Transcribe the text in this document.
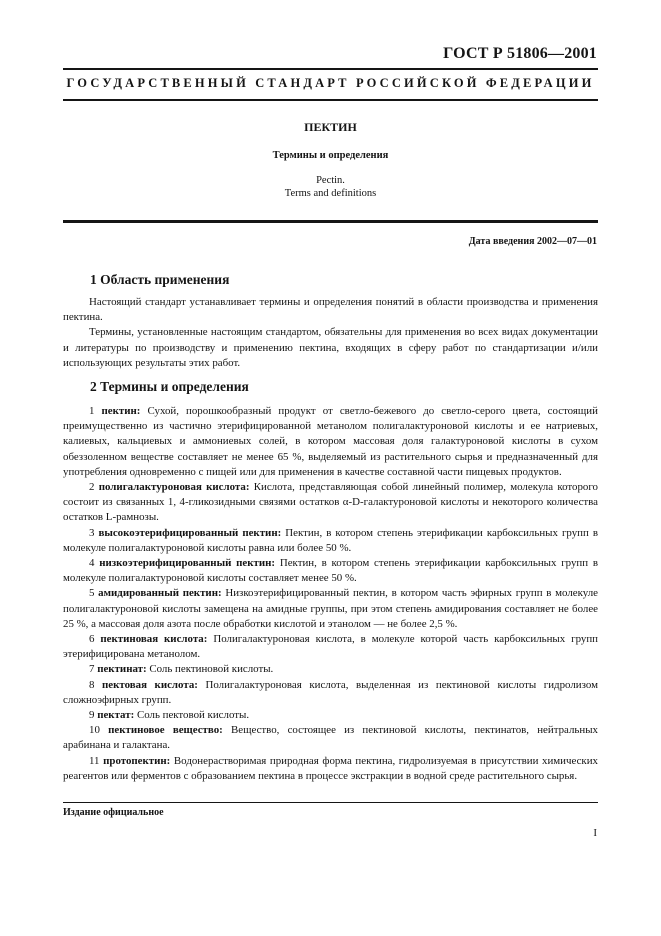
ГОСТ Р 51806—2001
ГОСУДАРСТВЕННЫЙ СТАНДАРТ РОССИЙСКОЙ ФЕДЕРАЦИИ
ПЕКТИН
Термины и определения
Pectin.
Terms and definitions
Дата введения 2002—07—01
1 Область применения

Настоящий стандарт устанавливает термины и определения понятий в области производства и применения пектина.

Термины, установленные настоящим стандартом, обязательны для применения во всех видах документации и литературы по производству и применению пектина, входящих в сферу работ по стандартизации и/или использующих результаты этих работ.

2 Термины и определения

1 пектин: Сухой, порошкообразный продукт от светло-бежевого до светло-серого цвета, состоящий преимущественно из частично этерифицированной метанолом полигалактуроновой кислоты и ее натриевых, калиевых, кальциевых и аммониевых солей, в котором массовая доля галактуроновой кислоты в сухом обеззоленном веществе составляет не менее 65 %, выделяемый из растительного сырья и предназначенный для употребления одновременно с пищей или для применения в качестве составной части пищевых продуктов.

2 полигалактуроновая кислота: Кислота, представляющая собой линейный полимер, молекула которого состоит из связанных 1, 4-гликозидными связями остатков α-D-галактуроновой кислоты и некоторого количества остатков L-рамнозы.

3 высокоэтерифицированный пектин: Пектин, в котором степень этерификации карбоксильных групп в молекуле полигалактуроновой кислоты равна или более 50 %.

4 низкоэтерифицированный пектин: Пектин, в котором степень этерификации карбоксильных групп в молекуле полигалактуроновой кислоты составляет менее 50 %.

5 амидированный пектин: Низкоэтерифицированный пектин, в котором часть эфирных групп в молекуле полигалактуроновой кислоты замещена на амидные группы, при этом степень амидирования составляет не более 25 %, а массовая доля азота после обработки кислотой и этанолом — не более 2,5 %.

6 пектиновая кислота: Полигалактуроновая кислота, в молекуле которой часть карбоксильных групп этерифицирована метанолом.

7 пектинат: Соль пектиновой кислоты.

8 пектовая кислота: Полигалактуроновая кислота, выделенная из пектиновой кислоты гидролизом сложноэфирных групп.

9 пектат: Соль пектовой кислоты.

10 пектиновое вещество: Вещество, состоящее из пектиновой кислоты, пектинатов, нейтральных арабинана и галактана.

11 протопектин: Водонерастворимая природная форма пектина, гидролизуемая в присутствии химических реагентов или ферментов с образованием пектина в процессе экстракции в водной среде растительного сырья.

Издание официальное
I
